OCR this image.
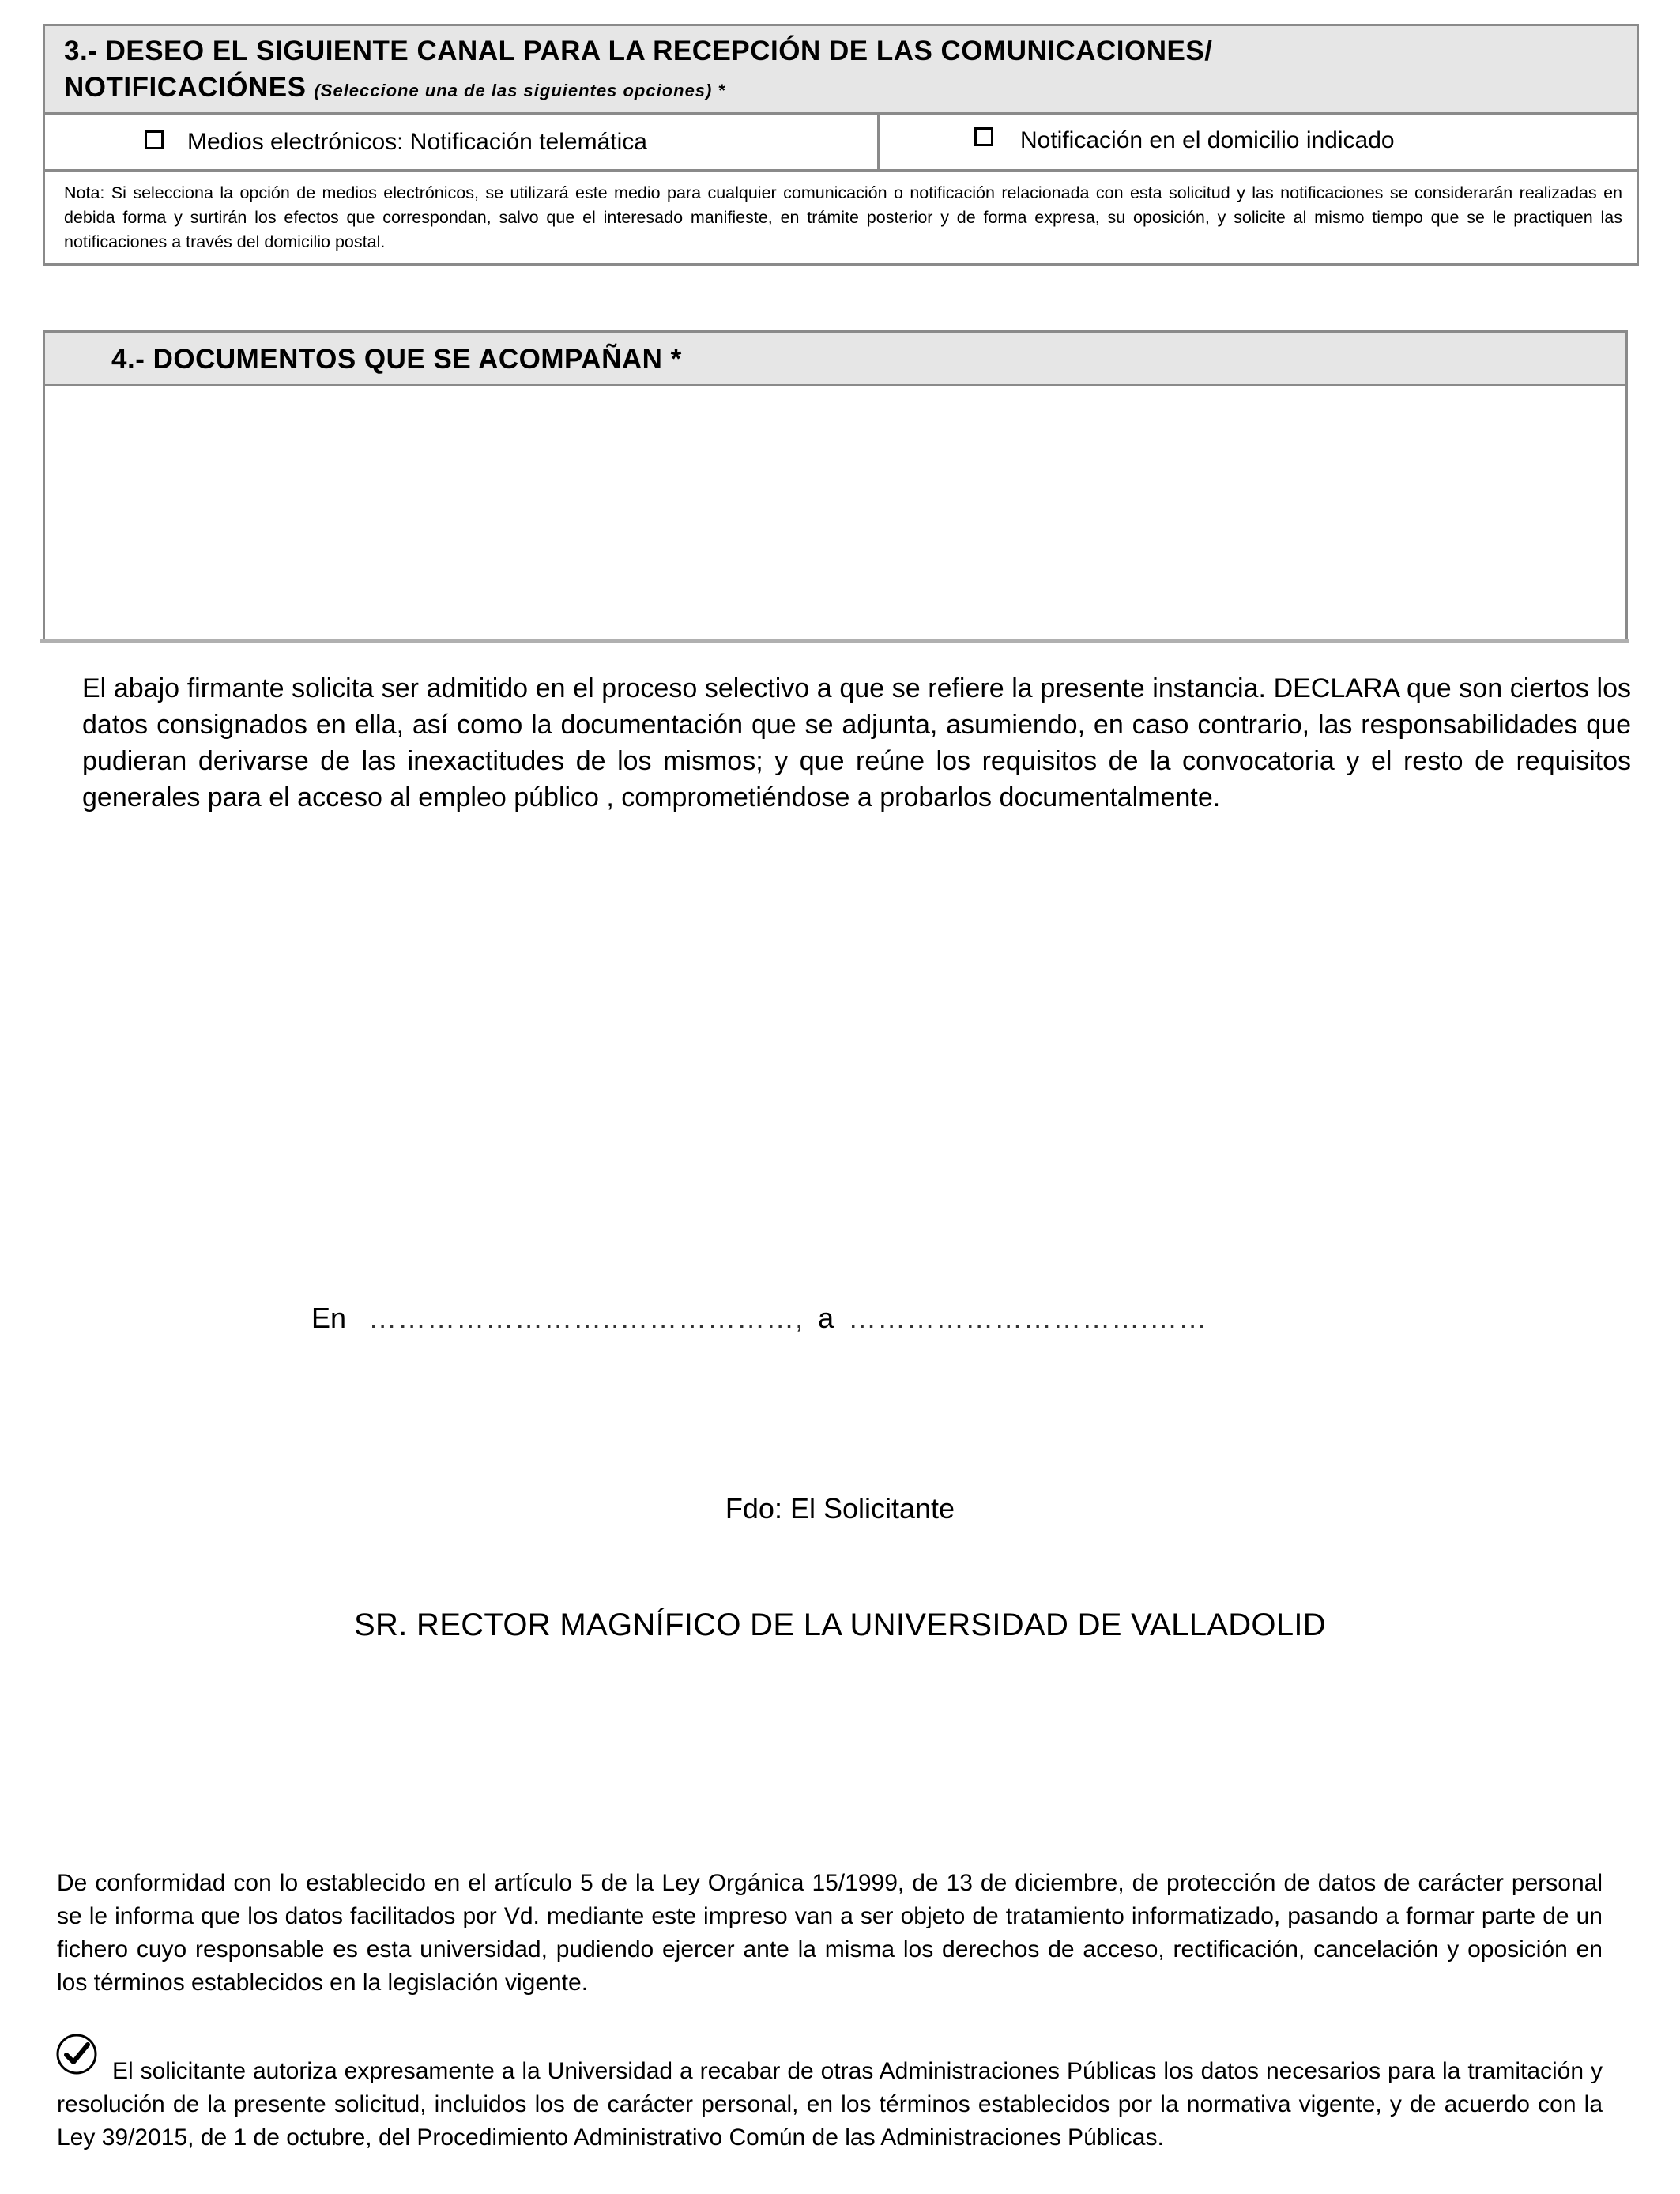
3.- DESEO EL SIGUIENTE CANAL PARA LA RECEPCIÓN DE LAS COMUNICACIONES/
NOTIFICACIÓNES (Seleccione una de las siguientes opciones) *
Medios electrónicos: Notificación telemática	Notificación en el domicilio indicado
Nota: Si selecciona la opción de medios electrónicos, se utilizará este medio para cualquier comunicación o notificación relacionada con esta solicitud y las notificaciones se considerarán realizadas en debida forma y surtirán los efectos que correspondan, salvo que el interesado manifieste, en trámite posterior y de forma expresa, su oposición, y solicite al mismo tiempo que se le practiquen las notificaciones a través del domicilio postal.
4.- DOCUMENTOS QUE SE ACOMPAÑAN *
El abajo firmante solicita ser admitido en el proceso selectivo a que se refiere la presente instancia. DECLARA que son ciertos los datos consignados en ella, así como la documentación que se adjunta, asumiendo, en caso contrario, las responsabilidades que pudieran derivarse de las inexactitudes de los mismos; y que reúne los requisitos de la convocatoria y el resto de requisitos generales para el acceso al empleo público , comprometiéndose a probarlos documentalmente.
En ……………………..………………, a ………………………….……
Fdo: El Solicitante
SR. RECTOR MAGNÍFICO DE LA UNIVERSIDAD DE VALLADOLID
De conformidad con lo establecido en el artículo 5 de la Ley Orgánica 15/1999, de 13 de diciembre, de protección de datos de carácter personal se le informa que los datos facilitados por Vd. mediante este impreso van a ser objeto de tratamiento informatizado, pasando a formar parte de un fichero cuyo responsable es esta universidad, pudiendo ejercer ante la misma los derechos de acceso, rectificación, cancelación y oposición en los términos establecidos en la legislación vigente.
El solicitante autoriza expresamente a la Universidad a recabar de otras Administraciones Públicas los datos necesarios para la tramitación y resolución de la presente solicitud, incluidos los de carácter personal, en los términos establecidos por la normativa vigente, y de acuerdo con la Ley 39/2015, de 1 de octubre, del Procedimiento Administrativo Común de las Administraciones Públicas.
